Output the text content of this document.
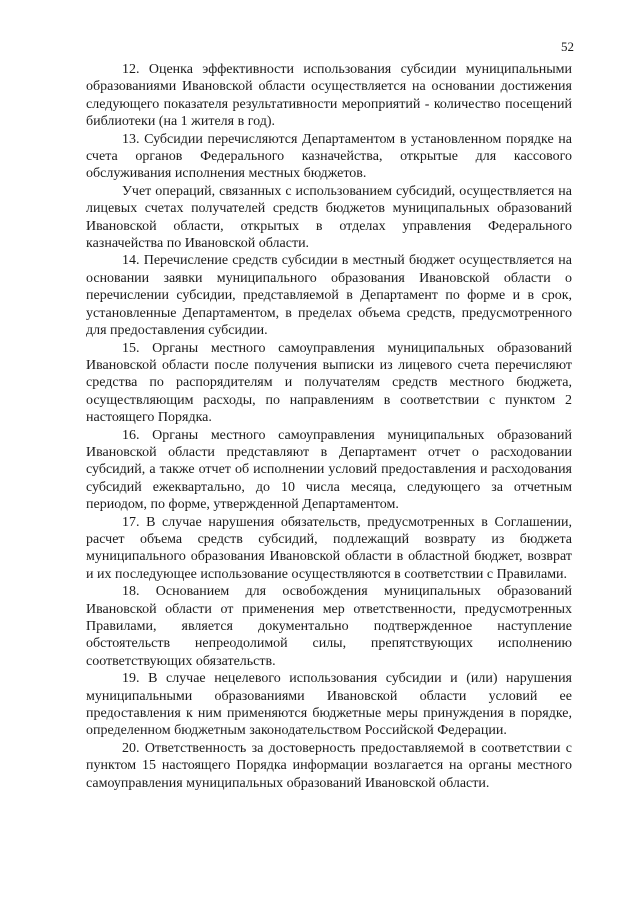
52

12. Оценка эффективности использования субсидии муниципальными образованиями Ивановской области осуществляется на основании достижения следующего показателя результативности мероприятий - количество посещений библиотеки (на 1 жителя в год).

13. Субсидии перечисляются Департаментом в установленном порядке на счета органов Федерального казначейства, открытые для кассового обслуживания исполнения местных бюджетов.

Учет операций, связанных с использованием субсидий, осуществляется на лицевых счетах получателей средств бюджетов муниципальных образований Ивановской области, открытых в отделах управления Федерального казначейства по Ивановской области.

14. Перечисление средств субсидии в местный бюджет осуществляется на основании заявки муниципального образования Ивановской области о перечислении субсидии, представляемой в Департамент по форме и в срок, установленные Департаментом, в пределах объема средств, предусмотренного для предоставления субсидии.

15. Органы местного самоуправления муниципальных образований Ивановской области после получения выписки из лицевого счета перечисляют средства по распорядителям и получателям средств местного бюджета, осуществляющим расходы, по направлениям в соответствии с пунктом 2 настоящего Порядка.

16. Органы местного самоуправления муниципальных образований Ивановской области представляют в Департамент отчет о расходовании субсидий, а также отчет об исполнении условий предоставления и расходования субсидий ежеквартально, до 10 числа месяца, следующего за отчетным периодом, по форме, утвержденной Департаментом.

17. В случае нарушения обязательств, предусмотренных в Соглашении, расчет объема средств субсидий, подлежащий возврату из бюджета муниципального образования Ивановской области в областной бюджет, возврат и их последующее использование осуществляются в соответствии с Правилами.

18. Основанием для освобождения муниципальных образований Ивановской области от применения мер ответственности, предусмотренных Правилами, является документально подтвержденное наступление обстоятельств непреодолимой силы, препятствующих исполнению соответствующих обязательств.

19. В случае нецелевого использования субсидии и (или) нарушения муниципальными образованиями Ивановской области условий ее предоставления к ним применяются бюджетные меры принуждения в порядке, определенном бюджетным законодательством Российской Федерации.

20. Ответственность за достоверность предоставляемой в соответствии с пунктом 15 настоящего Порядка информации возлагается на органы местного самоуправления муниципальных образований Ивановской области.
